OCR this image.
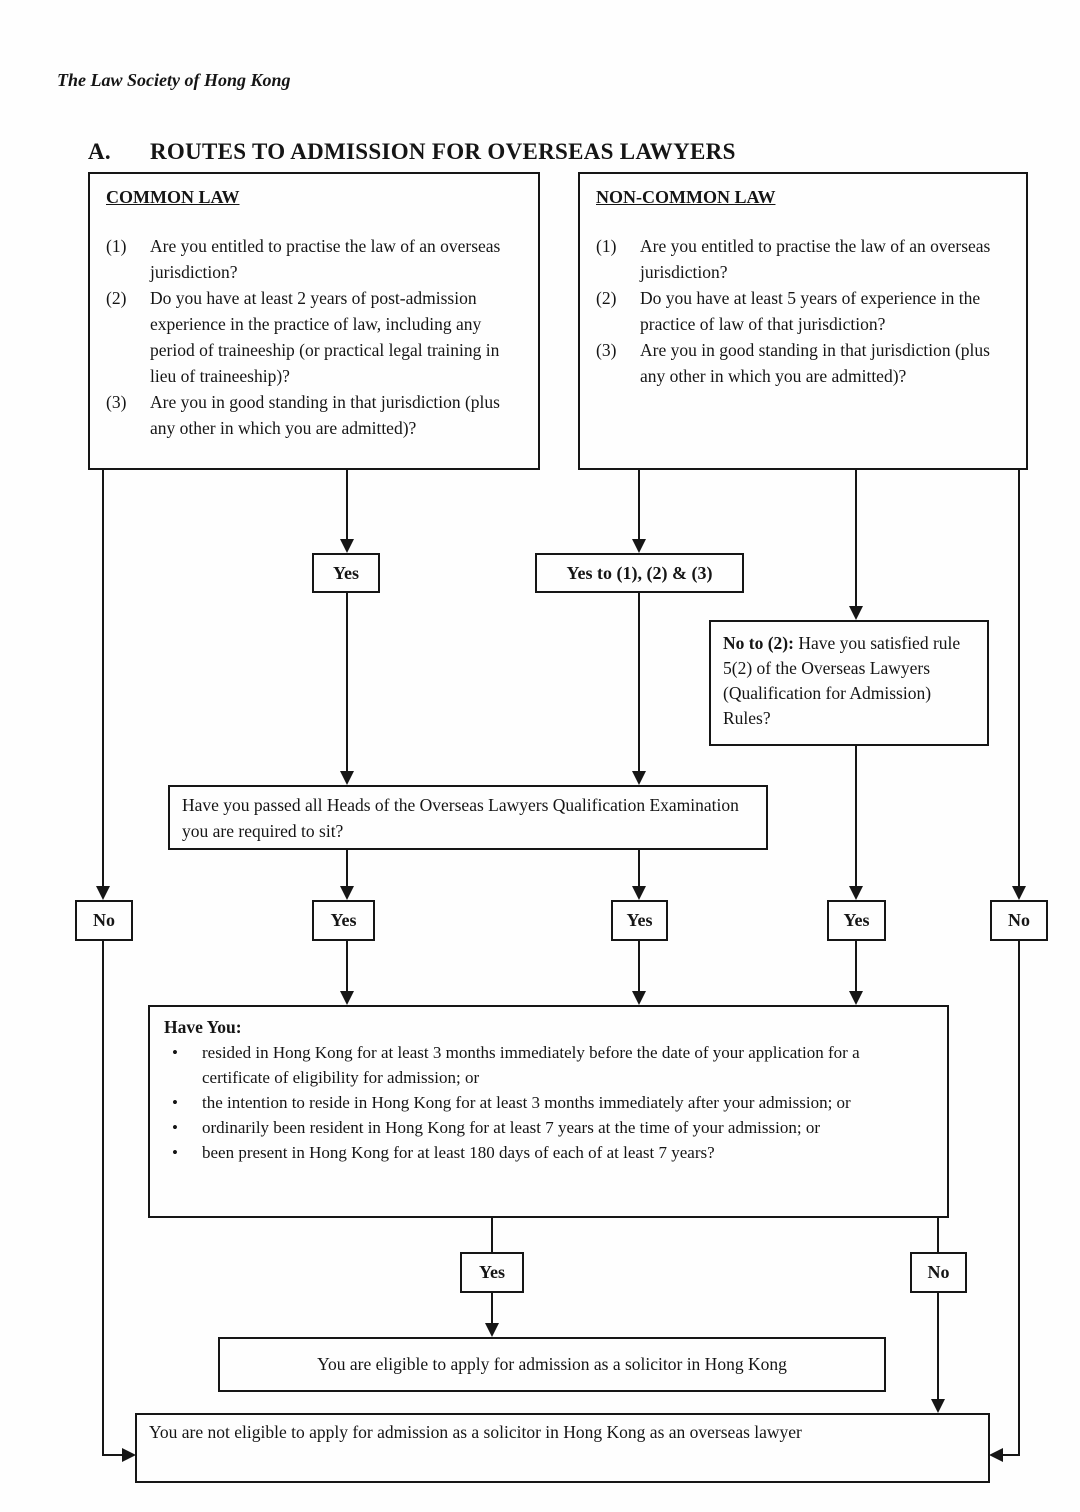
The Law Society of Hong Kong
A. ROUTES TO ADMISSION FOR OVERSEAS LAWYERS
COMMON LAW
(1)	Are you entitled to practise the law of an overseas jurisdiction?
(2)	Do you have at least 2 years of post-admission experience in the practice of law, including any period of traineeship (or practical legal training in lieu of traineeship)?
(3)	Are you in good standing in that jurisdiction (plus any other in which you are admitted)?
NON-COMMON LAW
(1)	Are you entitled to practise the law of an overseas jurisdiction?
(2)	Do you have at least 5 years of experience in the practice of law of that jurisdiction?
(3)	Are you in good standing in that jurisdiction (plus any other in which you are admitted)?
Yes	Yes to (1), (2) & (3)
No to (2): Have you satisfied rule 5(2) of the Overseas Lawyers (Qualification for Admission) Rules?
Have you passed all Heads of the Overseas Lawyers Qualification Examination you are required to sit?
No	Yes	Yes	Yes	No
Have You:
•	resided in Hong Kong for at least 3 months immediately before the date of your application for a certificate of eligibility for admission; or
•	the intention to reside in Hong Kong for at least 3 months immediately after your admission; or
•	ordinarily been resident in Hong Kong for at least 7 years at the time of your admission; or
•	been present in Hong Kong for at least 180 days of each of at least 7 years?
Yes	No
You are eligible to apply for admission as a solicitor in Hong Kong
You are not eligible to apply for admission as a solicitor in Hong Kong as an overseas lawyer
